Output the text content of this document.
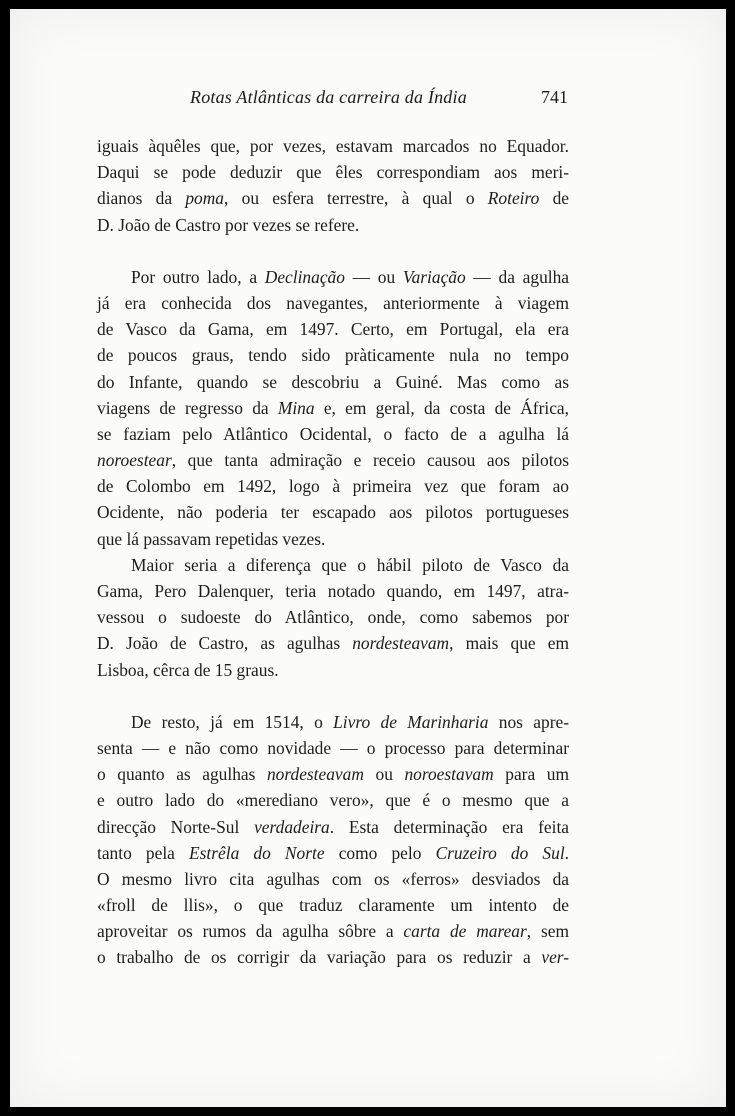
Rotas Atlânticas da carreira da Índia	741
iguais àquêles que, por vezes, estavam marcados no Equador.
Daqui se pode deduzir que êles correspondiam aos meri-
dianos da poma, ou esfera terrestre, à qual o Roteiro de
D. João de Castro por vezes se refere.
Por outro lado, a Declinação — ou Variação — da agulha
já era conhecida dos navegantes, anteriormente à viagem
de Vasco da Gama, em 1497. Certo, em Portugal, ela era
de poucos graus, tendo sido pràticamente nula no tempo
do Infante, quando se descobriu a Guiné. Mas como as
viagens de regresso da Mina e, em geral, da costa de África,
se faziam pelo Atlântico Ocidental, o facto de a agulha lá
noroestear, que tanta admiração e receio causou aos pilotos
de Colombo em 1492, logo à primeira vez que foram ao
Ocidente, não poderia ter escapado aos pilotos portugueses
que lá passavam repetidas vezes.
Maior seria a diferença que o hábil piloto de Vasco da
Gama, Pero Dalenquer, teria notado quando, em 1497, atra-
vessou o sudoeste do Atlântico, onde, como sabemos por
D. João de Castro, as agulhas nordesteavam, mais que em
Lisboa, cêrca de 15 graus.
De resto, já em 1514, o Livro de Marinharia nos apre-
senta — e não como novidade — o processo para determinar
o quanto as agulhas nordesteavam ou noroestavam para um
e outro lado do «merediano vero», que é o mesmo que a
direcção Norte-Sul verdadeira. Esta determinação era feita
tanto pela Estrêla do Norte como pelo Cruzeiro do Sul.
O mesmo livro cita agulhas com os «ferros» desviados da
«froll de llis», o que traduz claramente um intento de
aproveitar os rumos da agulha sôbre a carta de marear, sem
o trabalho de os corrigir da variação para os reduzir a ver-
